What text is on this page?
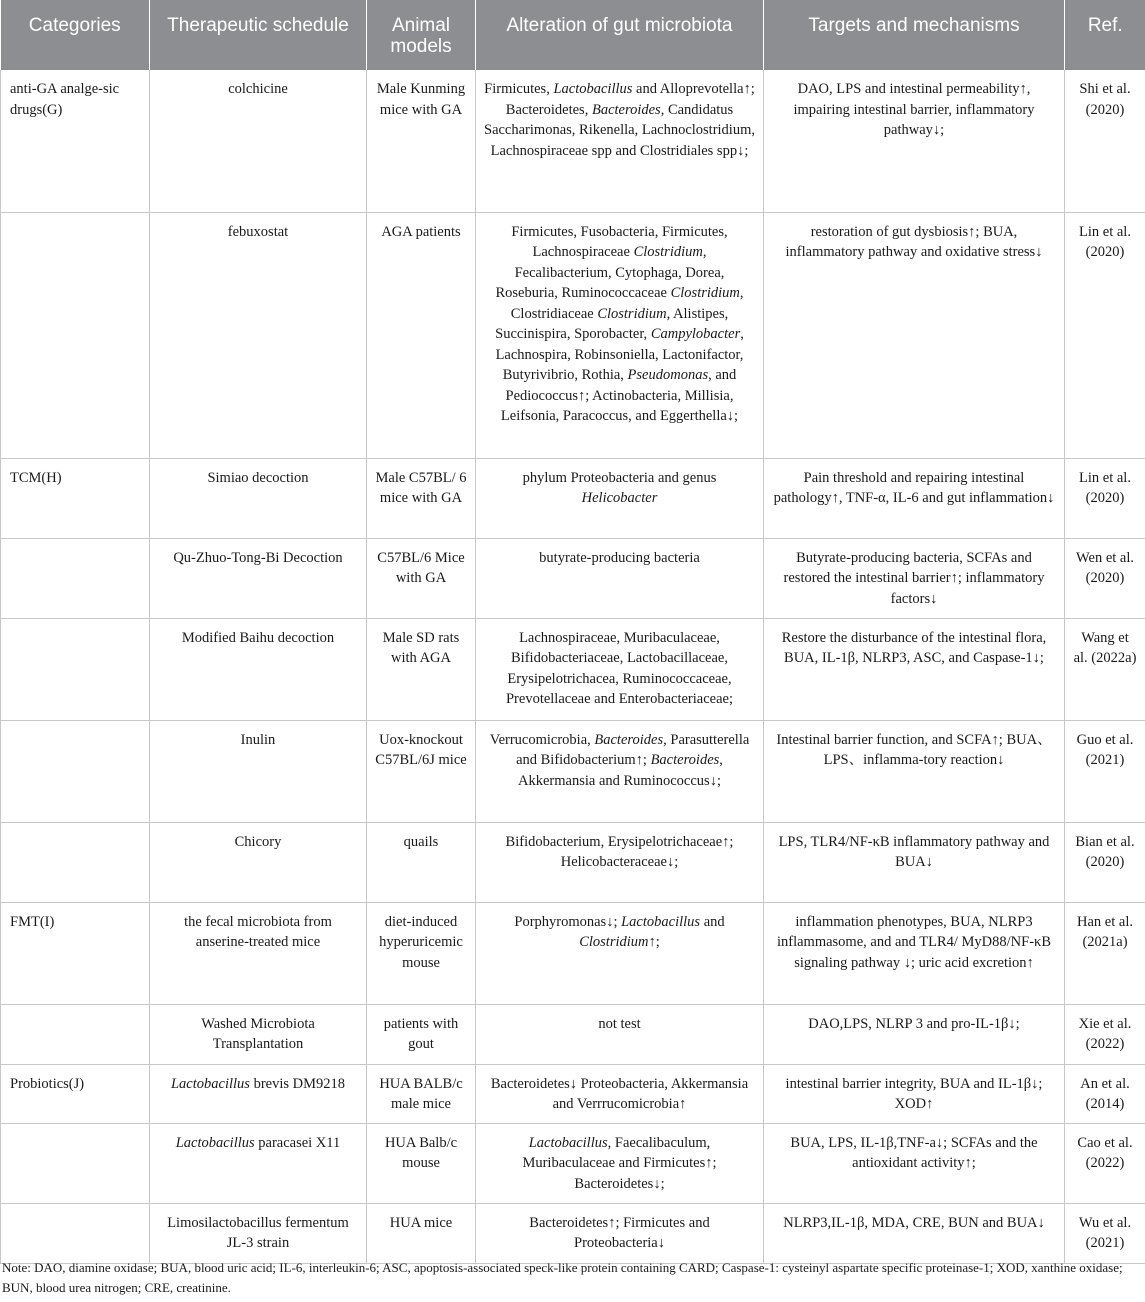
Categories	Therapeutic schedule	Animal models	Alteration of gut microbiota	Targets and mechanisms	Ref.
anti-GA analge-sic drugs(G)	colchicine	Male Kunming mice with GA	Firmicutes, Lactobacillus and Alloprevotella↑; Bacteroidetes, Bacteroides, Candidatus Saccharimonas, Rikenella, Lachnoclostridium, Lachnospiraceae spp and Clostridiales spp↓;	DAO, LPS and intestinal permeability↑, impairing intestinal barrier, inflammatory pathway↓;	Shi et al. (2020)
	febuxostat	AGA patients	Firmicutes, Fusobacteria, Firmicutes, Lachnospiraceae Clostridium, Fecalibacterium, Cytophaga, Dorea, Roseburia, Ruminococcaceae Clostridium, Clostridiaceae Clostridium, Alistipes, Succinispira, Sporobacter, Campylobacter, Lachnospira, Robinsoniella, Lactonifactor, Butyrivibrio, Rothia, Pseudomonas, and Pediococcus↑; Actinobacteria, Millisia, Leifsonia, Paracoccus, and Eggerthella↓;	restoration of gut dysbiosis↑; BUA, inflammatory pathway and oxidative stress↓	Lin et al. (2020)
TCM(H)	Simiao decoction	Male C57BL/ 6 mice with GA	phylum Proteobacteria and genus Helicobacter	Pain threshold and repairing intestinal pathology↑, TNF-α, IL-6 and gut inflammation↓	Lin et al. (2020)
	Qu-Zhuo-Tong-Bi Decoction	C57BL/6 Mice with GA	butyrate-producing bacteria	Butyrate-producing bacteria, SCFAs and restored the intestinal barrier↑; inflammatory factors↓	Wen et al. (2020)
	Modified Baihu decoction	Male SD rats with AGA	Lachnospiraceae, Muribaculaceae, Bifidobacteriaceae, Lactobacillaceae, Erysipelotrichacea, Ruminococcaceae, Prevotellaceae and Enterobacteriaceae;	Restore the disturbance of the intestinal flora, BUA, IL-1β, NLRP3, ASC, and Caspase-1↓;	Wang et al. (2022a)
	Inulin	Uox-knockout C57BL/6J mice	Verrucomicrobia, Bacteroides, Parasutterella and Bifidobacterium↑; Bacteroides, Akkermansia and Ruminococcus↓;	Intestinal barrier function, and SCFA↑; BUA、LPS、inflamma-tory reaction↓	Guo et al. (2021)
	Chicory	quails	Bifidobacterium, Erysipelotrichaceae↑; Helicobacteraceae↓;	LPS, TLR4/NF-κB inflammatory pathway and BUA↓	Bian et al. (2020)
FMT(I)	the fecal microbiota from anserine-treated mice	diet-induced hyperuricemic mouse	Porphyromonas↓; Lactobacillus and Clostridium↑;	inflammation phenotypes, BUA, NLRP3 inflammasome, and and TLR4/ MyD88/NF-κB signaling pathway ↓; uric acid excretion↑	Han et al. (2021a)
	Washed Microbiota Transplantation	patients with gout	not test	DAO,LPS, NLRP 3 and pro-IL-1β↓;	Xie et al. (2022)
Probiotics(J)	Lactobacillus brevis DM9218	HUA BALB/c male mice	Bacteroidetes↓ Proteobacteria, Akkermansia and Verrrucomicrobia↑	intestinal barrier integrity, BUA and IL-1β↓; XOD↑	An et al. (2014)
	Lactobacillus paracasei X11	HUA Balb/c mouse	Lactobacillus, Faecalibaculum, Muribaculaceae and Firmicutes↑; Bacteroidetes↓;	BUA, LPS, IL-1β,TNF-a↓; SCFAs and the antioxidant activity↑;	Cao et al. (2022)
	Limosilactobacillus fermentum JL-3 strain	HUA mice	Bacteroidetes↑; Firmicutes and Proteobacteria↓	NLRP3,IL-1β, MDA, CRE, BUN and BUA↓	Wu et al. (2021)
Note: DAO, diamine oxidase; BUA, blood uric acid; IL-6, interleukin-6; ASC, apoptosis-associated speck-like protein containing CARD; Caspase-1: cysteinyl aspartate specific proteinase-1; XOD, xanthine oxidase; BUN, blood urea nitrogen; CRE, creatinine.
